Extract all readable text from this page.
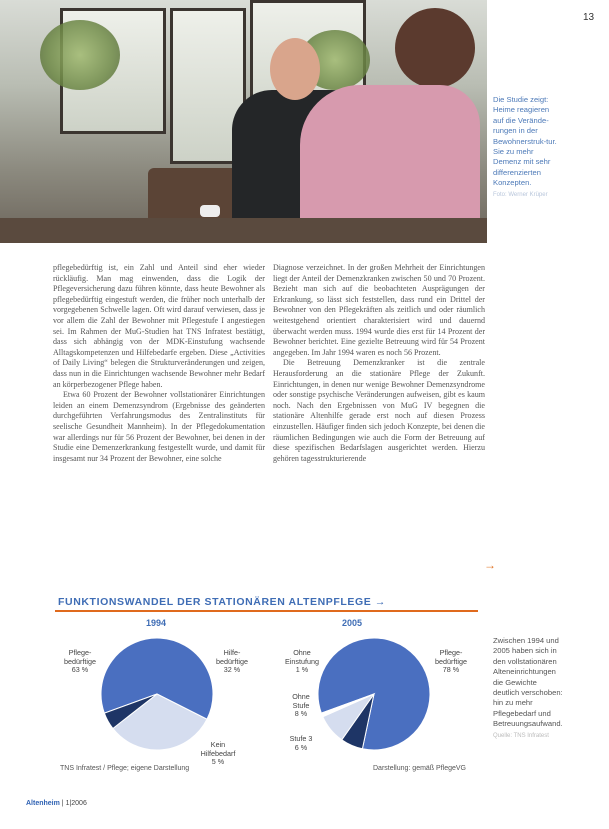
13
Die Studie zeigt: Heime reagieren auf die Verände-rungen in der Bewohnerstruk-tur. Sie zu mehr Demenz mit sehr differenzierten Konzepten.
Foto: Werner Krüper

pflegebedürftig ist, ein Zahl und Anteil sind eher wieder rückläufig. Man mag einwenden, dass die Logik der Pflegeversicherung dazu führen könnte, dass heute Bewohner als pflegebedürftig eingestuft werden, die früher noch unterhalb der vorgegebenen Schwelle lagen. Oft wird darauf verwiesen, dass je vor allem die Zahl der Bewohner mit Pflegestufe I angestiegen sei. Im Rahmen der MuG-Studien hat TNS Infratest bestätigt, dass sich abhängig von der MDK-Einstufung wachsende Alltagskompetenzen und Hilfebedarfe ergeben. Diese „Activities of Daily Living“ belegen die Strukturveränderungen und zeigen, dass nun in die Einrichtungen wachsende Bewohner mehr Bedarf an körperbezogener Pflege haben.

Etwa 60 Prozent der Bewohner vollstationärer Einrichtungen leiden an einem Demenzsyndrom (Ergebnisse des geänderten durchgeführten Verfahrungsmodus des Zentralinstituts für seelische Gesundheit Mannheim). In der Pflegedokumentation war allerdings nur für 56 Prozent der Bewohner, bei denen in der Studie eine Demenzerkrankung festgestellt wurde, und damit für insgesamt nur 34 Prozent der Bewohner, eine solche

Diagnose verzeichnet. In der großen Mehrheit der Einrichtungen liegt der Anteil der Demenzkranken zwischen 50 und 70 Prozent. Bezieht man sich auf die beobachteten Ausprägungen der Erkrankung, so lässt sich feststellen, dass rund ein Drittel der Bewohner von den Pflegekräften als zeitlich und oder räumlich weitestgehend orientiert charakterisiert wird und dauernd überwacht werden muss. 1994 wurde dies erst für 14 Prozent der Bewohner berichtet. Eine gezielte Betreuung wird für 54 Prozent angegeben. Im Jahr 1994 waren es noch 56 Prozent.

Die Betreuung Demenzkranker ist die zentrale Herausforderung an die stationäre Pflege der Zukunft. Einrichtungen, in denen nur wenige Bewohner Demenzsyndrome oder sonstige psychische Veränderungen aufweisen, gibt es kaum noch. Nach den Ergebnissen von MuG IV begegnen die stationäre Altenhilfe gerade erst noch auf diesen Prozess einzustellen. Häufiger finden sich jedoch Konzepte, bei denen die räumlichen Bedingungen wie auch die Form der Betreuung auf diese spezifischen Bedarfslagen ausgerichtet werden. Hierzu gehören tagesstrukturierende

→
FUNKTIONSWANDEL DER STATIONÄREN ALTENPFLEGE →
1994	2005
Pflege-
bedürftige
63 %
Hilfe-
bedürftige
32 %
Kein
Hilfebedarf
5 %
Ohne Einstufung
1 %
Pflege-
bedürftige
78 %
Ohne
Stufe
8 %
Stufe 3
6 %
TNS Infratest / Pflege; eigene Darstellung	Darstellung: gemäß PflegeVG
Zwischen 1994 und 2005 haben sich in den vollstationären Alteneinrichtungen die Gewichte deutlich verschoben: hin zu mehr Pflegebedarf und Betreuungsaufwand.
Quelle: TNS Infratest
Altenheim | 1|2006
